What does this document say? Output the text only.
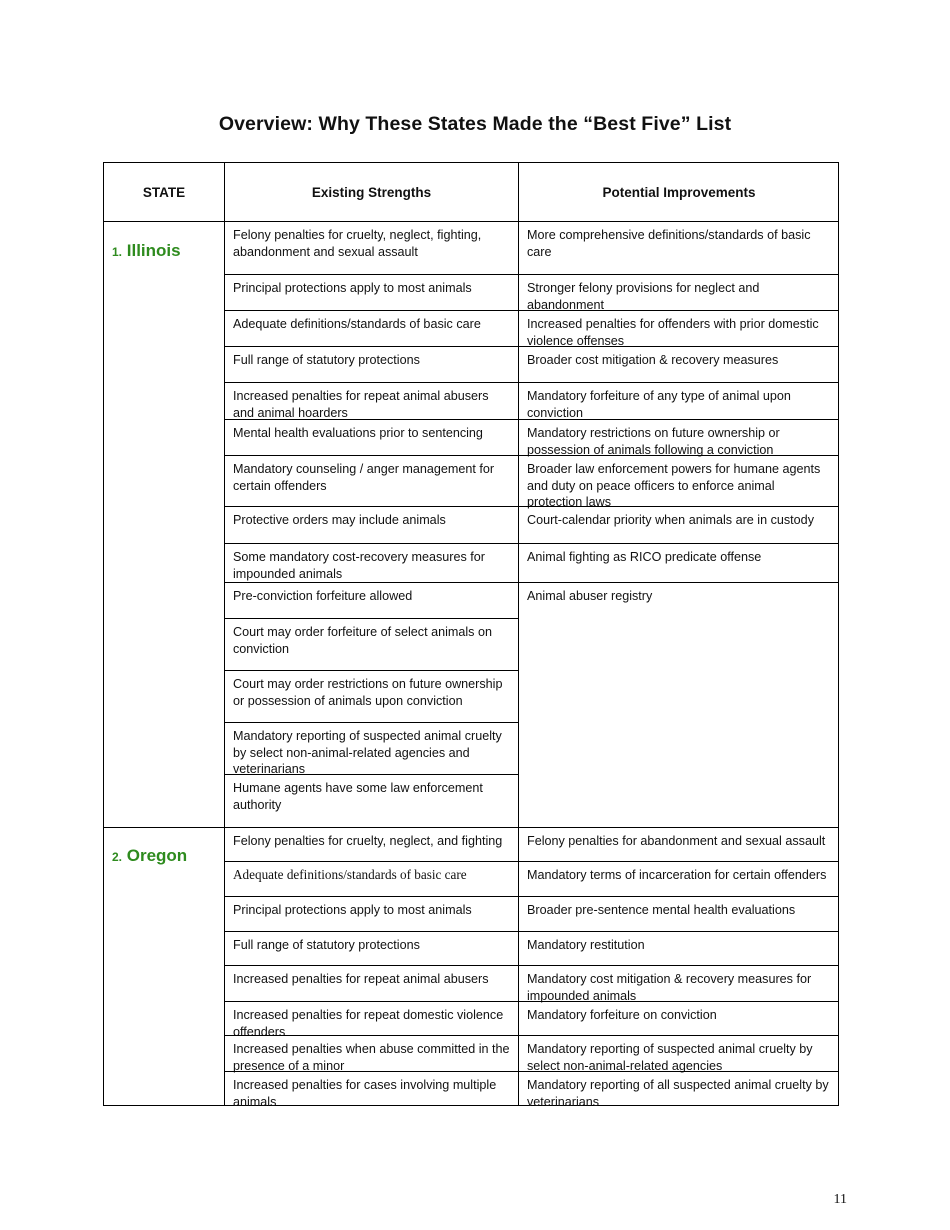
Overview: Why These States Made the “Best Five” List
STATE	Existing Strengths	Potential Improvements
1. Illinois
2. Oregon
Felony penalties for cruelty, neglect, fighting, abandonment and sexual assault
Principal protections apply to most animals
Adequate definitions/standards of basic care
Full range of statutory protections
Increased penalties for repeat animal abusers and animal hoarders
Mental health evaluations prior to sentencing
Mandatory counseling / anger management for certain offenders
Protective orders may include animals
Some mandatory cost-recovery measures for impounded animals
Pre-conviction forfeiture allowed
Court may order forfeiture of select animals on conviction
Court may order restrictions on future ownership or possession of animals upon conviction
Mandatory reporting of suspected animal cruelty by select non-animal-related agencies and veterinarians
Humane agents have some law enforcement authority
More comprehensive definitions/standards of basic care
Stronger felony provisions for neglect and abandonment
Increased penalties for offenders with prior domestic violence offenses
Broader cost mitigation & recovery measures
Mandatory forfeiture of any type of animal upon conviction
Mandatory restrictions on future ownership or possession of animals following a conviction
Broader law enforcement powers for humane agents and duty on peace officers to enforce animal protection laws
Court-calendar priority when animals are in custody
Animal fighting as RICO predicate offense
Animal abuser registry
Felony penalties for cruelty, neglect, and fighting
Adequate definitions/standards of basic care
Principal protections apply to most animals
Full range of statutory protections
Increased penalties for repeat animal abusers
Increased penalties for repeat domestic violence offenders
Increased penalties when abuse committed in the presence of a minor
Increased penalties for cases involving multiple animals
Felony penalties for abandonment and sexual assault
Mandatory terms of incarceration for certain offenders
Broader pre-sentence mental health evaluations
Mandatory restitution
Mandatory cost mitigation & recovery measures for impounded animals
Mandatory forfeiture on conviction
Mandatory reporting of suspected animal cruelty by select non-animal-related agencies
Mandatory reporting of all suspected animal cruelty by veterinarians
11
